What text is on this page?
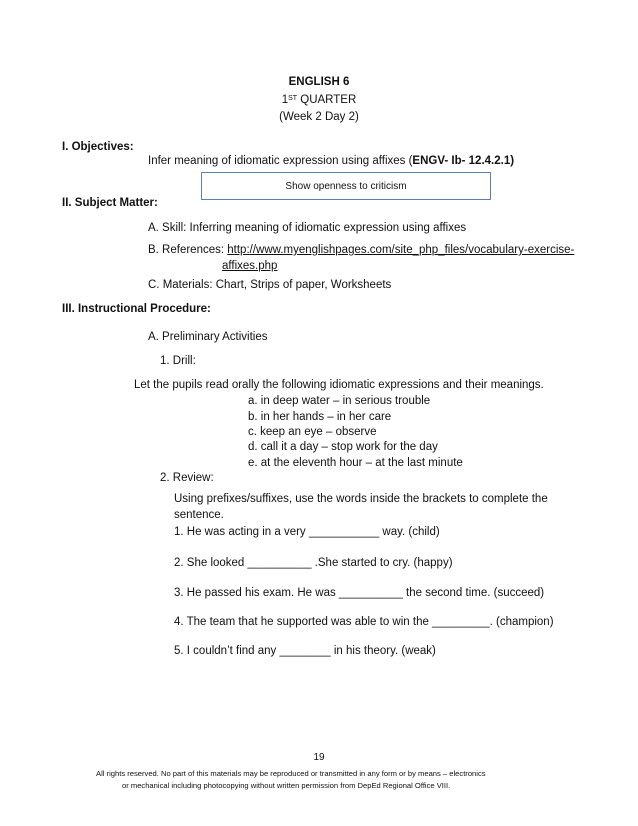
ENGLISH 6
1ST QUARTER
(Week 2 Day 2)
I. Objectives:
Infer meaning of idiomatic expression using affixes (ENGV- Ib- 12.4.2.1)
Show openness to criticism
II. Subject Matter:
A. Skill: Inferring meaning of idiomatic expression using affixes
B. References: http://www.myenglishpages.com/site_php_files/vocabulary-exercise-
affixes.php
C. Materials: Chart, Strips of paper, Worksheets
III. Instructional Procedure:
A. Preliminary Activities
1. Drill:
Let the pupils read orally the following idiomatic expressions and their meanings.
a. in deep water – in serious trouble
b. in her hands – in her care
c. keep an eye – observe
d. call it a day – stop work for the day
e. at the eleventh hour – at the last minute
2. Review:
Using prefixes/suffixes, use the words inside the brackets to complete the
sentence.
1. He was acting in a very ___________ way. (child)
2. She looked __________ .She started to cry. (happy)
3. He passed his exam. He was __________ the second time. (succeed)
4. The team that he supported was able to win the _________. (champion)
5. I couldn’t find any ________ in his theory. (weak)
19
All rights reserved. No part of this materials may be reproduced or transmitted in any form or by means – electronics
or mechanical including photocopying without written permission from DepEd Regional Office VIII.
